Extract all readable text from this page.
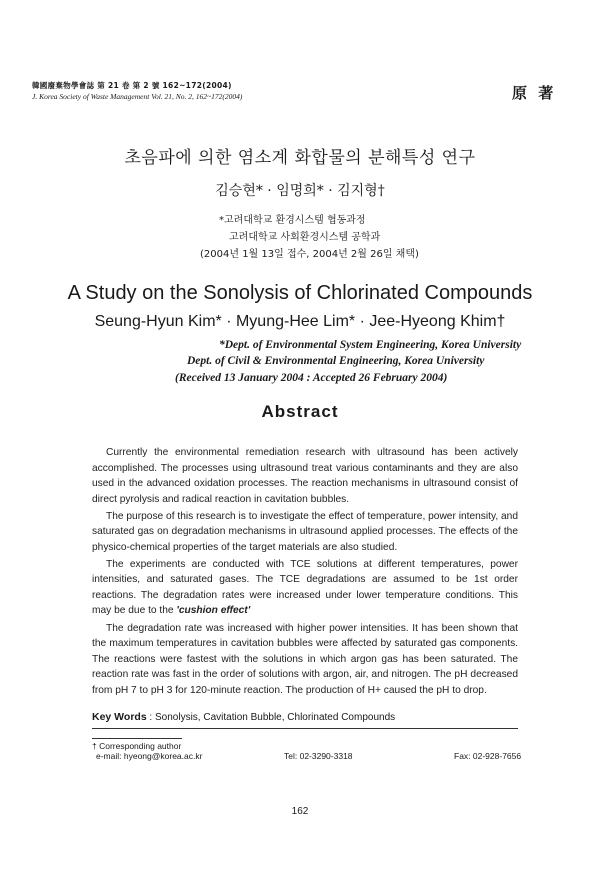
韓國廢棄物學會誌 第 21 卷 第 2 號 162~172(2004)
J. Korea Society of Waste Management Vol. 21, No. 2, 162~172(2004)	原 著
초음파에 의한 염소계 화합물의 분해특성 연구
김승현* · 임명희* · 김지형†
*고려대학교 환경시스템 협동과정
고려대학교 사회환경시스템 공학과
(2004년 1월 13일 접수, 2004년 2월 26일 채택)
A Study on the Sonolysis of Chlorinated Compounds
Seung-Hyun Kim* · Myung-Hee Lim* · Jee-Hyeong Khim†
*Dept. of Environmental System Engineering, Korea University
Dept. of Civil & Environmental Engineering, Korea University
(Received 13 January 2004 : Accepted 26 February 2004)
Abstract

Currently the environmental remediation research with ultrasound has been actively accomplished. The processes using ultrasound treat various contaminants and they are also used in the advanced oxidation processes. The reaction mechanisms in ultrasound consist of direct pyrolysis and radical reaction in cavitation bubbles.

The purpose of this research is to investigate the effect of temperature, power intensity, and saturated gas on degradation mechanisms in ultrasound applied processes. The effects of the physico-chemical properties of the target materials are also studied.

The experiments are conducted with TCE solutions at different temperatures, power intensities, and saturated gases. The TCE degradations are assumed to be 1st order reactions. The degradation rates were increased under lower temperature conditions. This may be due to the 'cushion effect'

The degradation rate was increased with higher power intensities. It has been shown that the maximum temperatures in cavitation bubbles were affected by saturated gas components. The reactions were fastest with the solutions in which argon gas has been saturated. The reaction rate was fast in the order of solutions with argon, air, and nitrogen. The pH decreased from pH 7 to pH 3 for 120-minute reaction. The production of H+ caused the pH to drop.

Key Words : Sonolysis, Cavitation Bubble, Chlorinated Compounds
† Corresponding author
e-mail: hyeong@korea.ac.kr	Tel: 02-3290-3318	Fax: 02-928-7656
162
